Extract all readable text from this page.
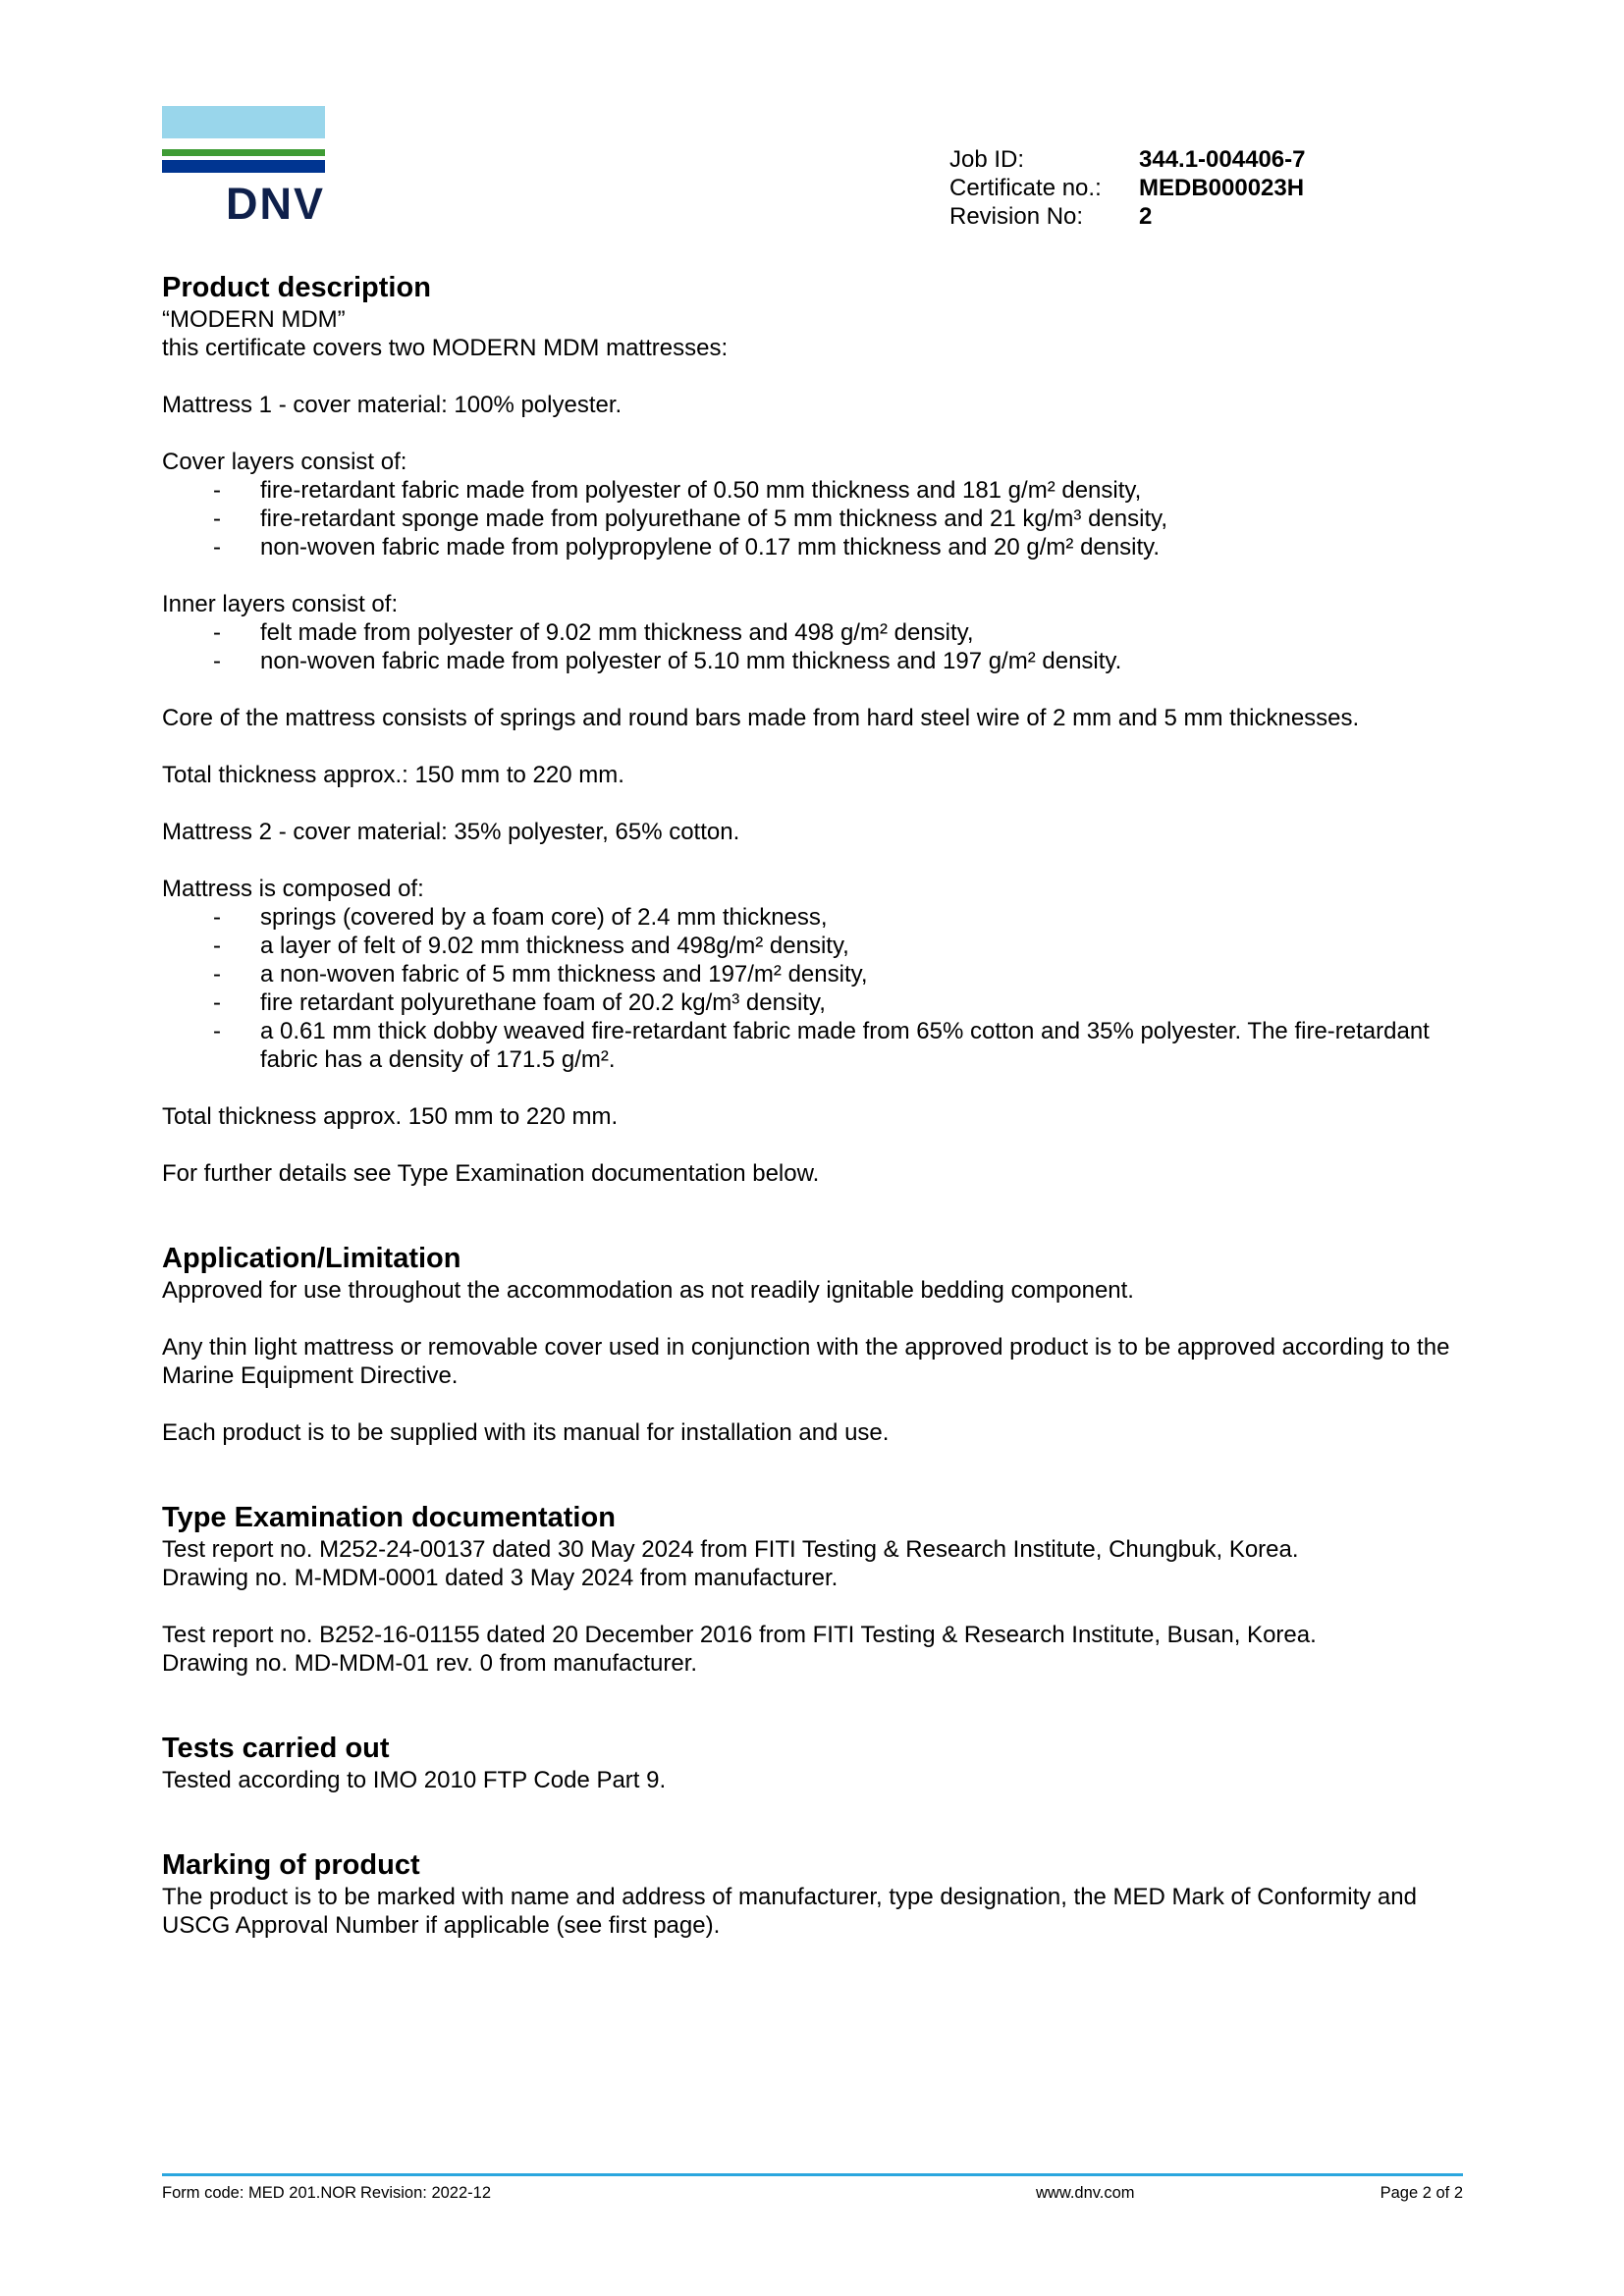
DNV
Job ID:	344.1-004406-7
Certificate no.:	MEDB000023H
Revision No:	2
Product description

“MODERN MDM”

this certificate covers two MODERN MDM mattresses:

Mattress 1 - cover material: 100% polyester.

Cover layers consist of:

-	fire-retardant fabric made from polyester of 0.50 mm thickness and 181 g/m² density,
-	fire-retardant sponge made from polyurethane of 5 mm thickness and 21 kg/m³ density,
-	non-woven fabric made from polypropylene of 0.17 mm thickness and 20 g/m² density.

Inner layers consist of:

-	felt made from polyester of 9.02 mm thickness and 498 g/m² density,
-	non-woven fabric made from polyester of 5.10 mm thickness and 197 g/m² density.

Core of the mattress consists of springs and round bars made from hard steel wire of 2 mm and 5 mm thicknesses.

Total thickness approx.: 150 mm to 220 mm.

Mattress 2 - cover material: 35% polyester, 65% cotton.

Mattress is composed of:

-	springs (covered by a foam core) of 2.4 mm thickness,
-	a layer of felt of 9.02 mm thickness and 498g/m² density,
-	a non-woven fabric of 5 mm thickness and 197/m² density,
-	fire retardant polyurethane foam of 20.2 kg/m³ density,
-	a 0.61 mm thick dobby weaved fire-retardant fabric made from 65% cotton and 35% polyester. The fire-retardant fabric has a density of 171.5 g/m².

Total thickness approx. 150 mm to 220 mm.

For further details see Type Examination documentation below.

Application/Limitation

Approved for use throughout the accommodation as not readily ignitable bedding component.

Any thin light mattress or removable cover used in conjunction with the approved product is to be approved according to the Marine Equipment Directive.

Each product is to be supplied with its manual for installation and use.

Type Examination documentation

Test report no. M252-24-00137 dated 30 May 2024 from FITI Testing & Research Institute, Chungbuk, Korea.

Drawing no. M-MDM-0001 dated 3 May 2024 from manufacturer.

Test report no. B252-16-01155 dated 20 December 2016 from FITI Testing & Research Institute, Busan, Korea.

Drawing no. MD-MDM-01 rev. 0 from manufacturer.

Tests carried out

Tested according to IMO 2010 FTP Code Part 9.

Marking of product

The product is to be marked with name and address of manufacturer, type designation, the MED Mark of Conformity and USCG Approval Number if applicable (see first page).

Form code: MED 201.NOR Revision: 2022-12	www.dnv.com	Page 2 of 2
